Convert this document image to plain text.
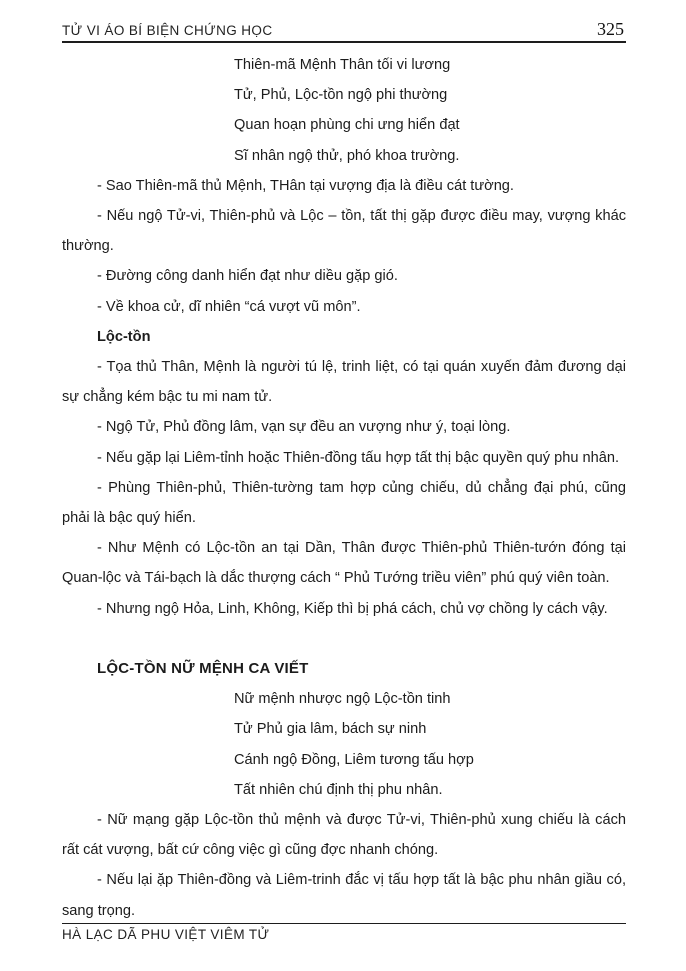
TỬ VI ÁO BÍ BIỆN CHỨNG HỌC	325
Thiên-mã Mệnh Thân tối vi lương
Tử, Phủ, Lộc-tồn ngộ phi thường
Quan hoạn phùng chi ưng hiển đạt
Sĩ nhân ngộ thử, phó khoa trường.

- Sao Thiên-mã thủ Mệnh, THân tại vượng địa là điều cát tường.

- Nếu ngộ Tử-vi, Thiên-phủ và Lộc – tồn, tất thị gặp được điều may, vượng khác thường.

- Đường công danh hiển đạt như diều gặp gió.

- Về khoa cử, dĩ nhiên “cá vượt vũ môn”.

Lộc-tồn

- Tọa thủ Thân, Mệnh là người tú lệ, trinh liệt, có tại quán xuyến đảm đương dại sự chẳng kém bậc tu mi nam tử.

- Ngộ Tử, Phủ đồng lâm, vạn sự đều an vượng như ý, toại lòng.

- Nếu gặp lại Liêm-tỉnh hoặc Thiên-đồng tấu hợp tất thị bậc quyền quý phu nhân.

- Phùng Thiên-phủ, Thiên-tường tam hợp củng chiếu, dủ chẳng đại phú, cũng phải là bậc quý hiển.

- Như Mệnh có Lộc-tồn an tại Dần, Thân được Thiên-phủ Thiên-tướn đóng tại Quan-lộc và Tái-bạch là dắc thượng cách “ Phủ Tướng triều viên” phú quý viên toàn.

- Nhưng ngộ Hỏa, Linh, Không, Kiếp thì bị phá cách, chủ vợ chồng ly cách vậy.

LỘC-TỒN NỮ MỆNH CA VIẾT

Nữ mệnh nhược ngộ Lộc-tồn tinh
Tử Phủ gia lâm, bách sự ninh
Cánh ngộ Đồng, Liêm tương tấu hợp
Tất nhiên chú định thị phu nhân.

- Nữ mạng gặp Lộc-tồn thủ mệnh và được Tử-vi, Thiên-phủ xung chiếu là cách rất cát vượng, bất cứ công việc gì cũng đợc nhanh chóng.

- Nếu lại ặp Thiên-đồng và Liêm-trinh đắc vị tấu hợp tất là bậc phu nhân giầu có, sang trọng.

HÀ LẠC DÃ PHU VIỆT VIÊM TỬ
